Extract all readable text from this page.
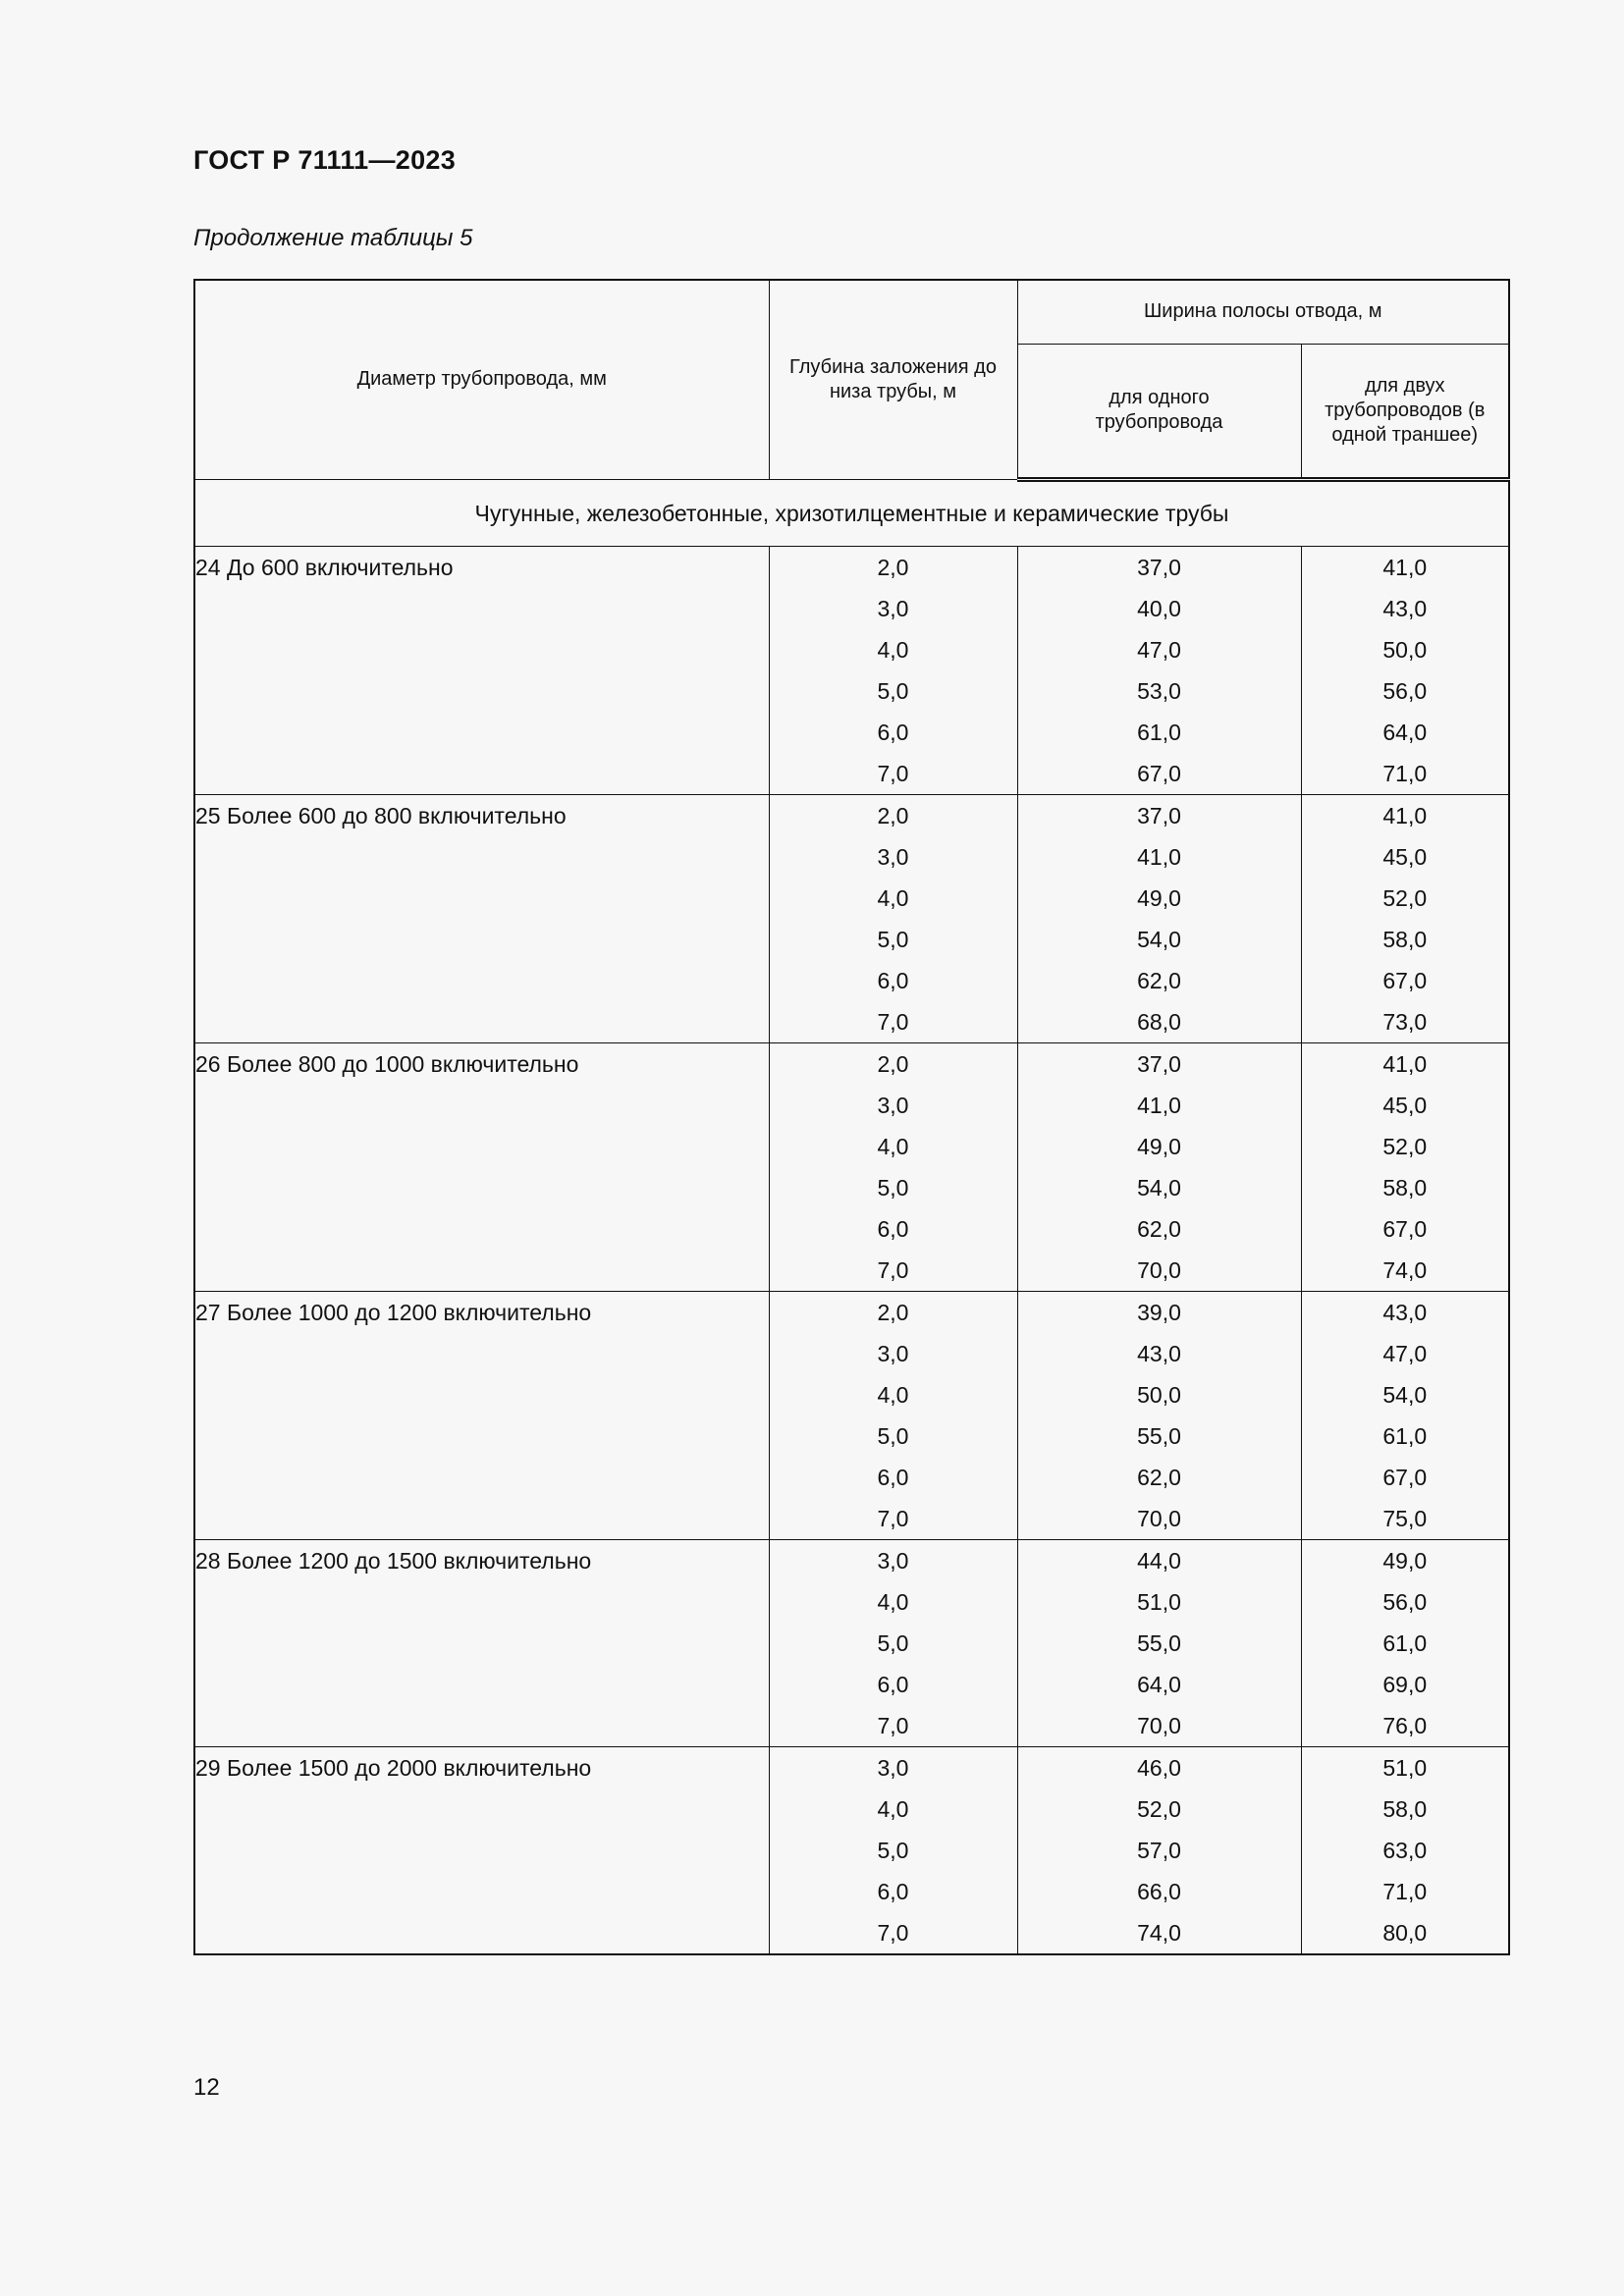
ГОСТ Р 71111—2023
Продолжение таблицы 5
Диаметр трубопровода, мм	Глубина заложения до низа трубы, м	Ширина полосы отвода, м	
		для одного трубопровода	для двух трубопроводов (в одной траншее)
Чугунные, железобетонные, хризотилцементные и керамические трубы			
24 До 600 включительно	2,0	37,0	41,0
	3,0	40,0	43,0
	4,0	47,0	50,0
	5,0	53,0	56,0
	6,0	61,0	64,0
	7,0	67,0	71,0
25 Более 600 до 800 включительно	2,0	37,0	41,0
	3,0	41,0	45,0
	4,0	49,0	52,0
	5,0	54,0	58,0
	6,0	62,0	67,0
	7,0	68,0	73,0
26 Более 800 до 1000 включительно	2,0	37,0	41,0
	3,0	41,0	45,0
	4,0	49,0	52,0
	5,0	54,0	58,0
	6,0	62,0	67,0
	7,0	70,0	74,0
27 Более 1000 до 1200 включительно	2,0	39,0	43,0
	3,0	43,0	47,0
	4,0	50,0	54,0
	5,0	55,0	61,0
	6,0	62,0	67,0
	7,0	70,0	75,0
28 Более 1200 до 1500 включительно	3,0	44,0	49,0
	4,0	51,0	56,0
	5,0	55,0	61,0
	6,0	64,0	69,0
	7,0	70,0	76,0
29 Более 1500 до 2000 включительно	3,0	46,0	51,0
	4,0	52,0	58,0
	5,0	57,0	63,0
	6,0	66,0	71,0
	7,0	74,0	80,0
12
